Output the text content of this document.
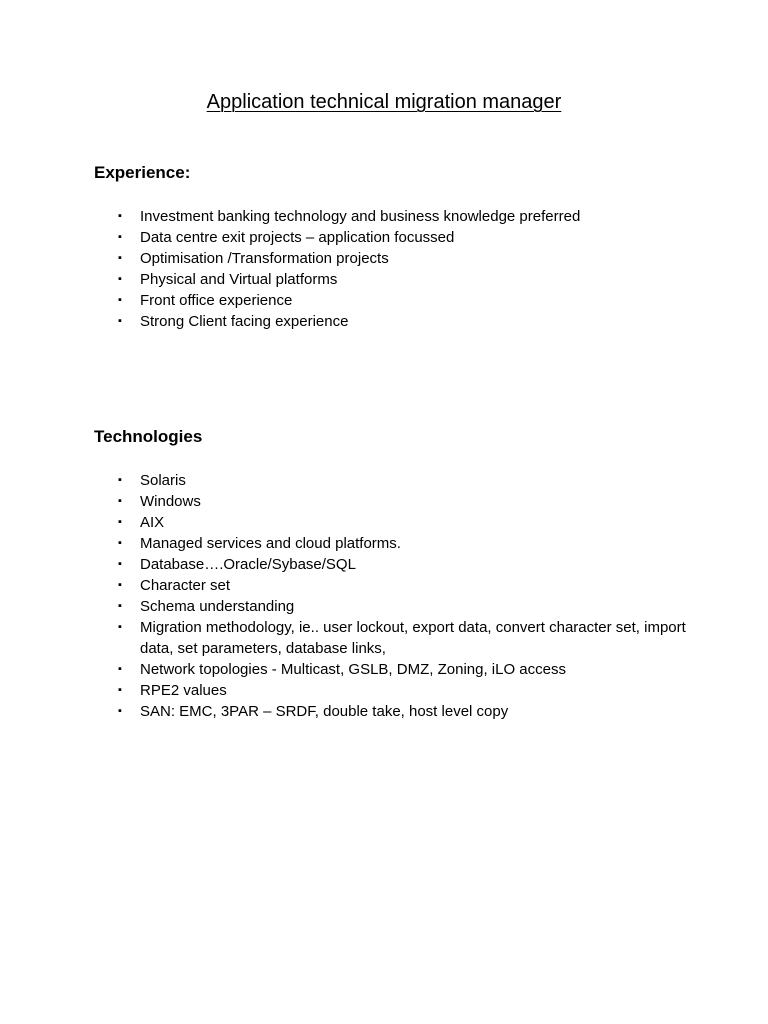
Application technical migration manager
Experience:
▪ Investment banking technology and business knowledge preferred
▪ Data centre exit projects – application focussed
▪ Optimisation /Transformation projects
▪ Physical and Virtual platforms
▪ Front office experience
▪ Strong Client facing experience
Technologies
▪ Solaris
▪ Windows
▪ AIX
▪ Managed services and cloud platforms.
▪ Database….Oracle/Sybase/SQL
▪ Character set
▪ Schema understanding
▪ Migration methodology, ie.. user lockout, export data, convert character set, import data, set parameters, database links,
▪ Network topologies - Multicast, GSLB, DMZ, Zoning, iLO access
▪ RPE2 values
▪ SAN: EMC, 3PAR – SRDF, double take, host level copy
